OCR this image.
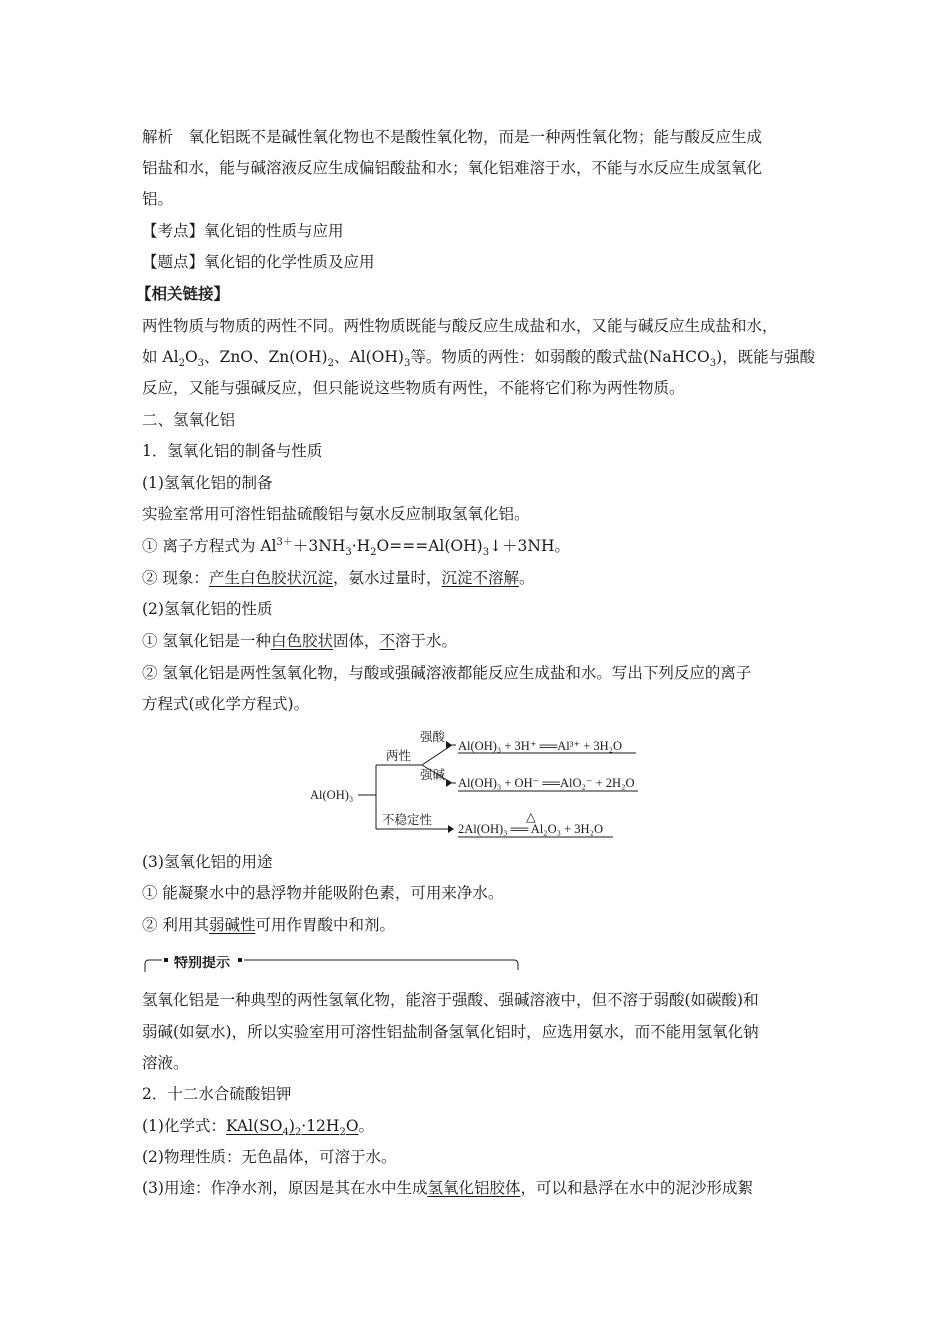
解析　氧化铝既不是碱性氧化物也不是酸性氧化物，而是一种两性氧化物；能与酸反应生成
铝盐和水，能与碱溶液反应生成偏铝酸盐和水；氧化铝难溶于水，不能与水反应生成氢氧化
铝。
【考点】氧化铝的性质与应用
【题点】氧化铝的化学性质及应用
【相关链接】
两性物质与物质的两性不同。两性物质既能与酸反应生成盐和水，又能与碱反应生成盐和水，
如 $Al_2O_3$、ZnO、$Zn(OH)_2$、$Al(OH)_3$等。物质的两性：如弱酸的酸式盐(NaHCO$_3$)，既能与强酸
反应，又能与强碱反应，但只能说这些物质有两性，不能将它们称为两性物质。
二、氢氧化铝
1．氢氧化铝的制备与性质
(1)氢氧化铝的制备
实验室常用可溶性铝盐硫酸铝与氨水反应制取氢氧化铝。
① 离子方程式为 $Al^{3+}+3NH_3\cdot H_2O===Al(OH)_3↓+3NH$。
② 现象：产生白色胶状沉淀，氨水过量时，沉淀不溶解。
(2)氢氧化铝的性质
① 氢氧化铝是一种白色胶状固体，不溶于水。
② 氢氧化铝是两性氢氧化物，与酸或强碱溶液都能反应生成盐和水。写出下列反应的离子
方程式(或化学方程式)。
Al(OH)₃
两性
不稳定性
强酸
强碱
Al(OH)₃ + 3H⁺ ══Al³⁺ + 3H₂O
Al(OH)₃ + OH⁻ ══AlO₂⁻ + 2H₂O
2Al(OH)₃ ══ Al₂O₃ + 3H₂O
△
(3)氢氧化铝的用途
① 能凝聚水中的悬浮物并能吸附色素，可用来净水。
② 利用其弱碱性可用作胃酸中和剂。
特别提示
氢氧化铝是一种典型的两性氢氧化物，能溶于强酸、强碱溶液中，但不溶于弱酸(如碳酸)和
弱碱(如氨水)，所以实验室用可溶性铝盐制备氢氧化铝时，应选用氨水，而不能用氢氧化钠
溶液。
2．十二水合硫酸铝钾
(1)化学式：$KAl(SO_4)_2\cdot 12H_2O$。
(2)物理性质：无色晶体，可溶于水。
(3)用途：作净水剂，原因是其在水中生成氢氧化铝胶体，可以和悬浮在水中的泥沙形成絮
